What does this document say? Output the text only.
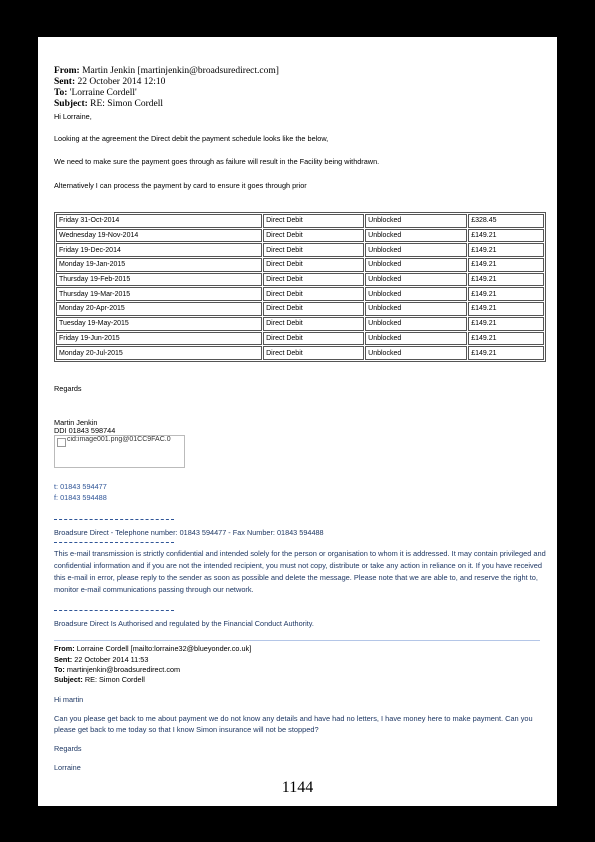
From: Martin Jenkin [martinjenkin@broadsuredirect.com]
Sent: 22 October 2014 12:10
To: 'Lorraine Cordell'
Subject: RE: Simon Cordell
Hi Lorraine,
Looking at the agreement the Direct debit the payment schedule looks like the below,
We need to make sure the payment goes through as failure will result in the Facility being withdrawn.
Alternatively I can process the payment by card to ensure it goes through prior
Friday 31-Oct-2014	Direct Debit	Unblocked	£328.45
Wednesday 19-Nov-2014	Direct Debit	Unblocked	£149.21
Friday 19-Dec-2014	Direct Debit	Unblocked	£149.21
Monday 19-Jan-2015	Direct Debit	Unblocked	£149.21
Thursday 19-Feb-2015	Direct Debit	Unblocked	£149.21
Thursday 19-Mar-2015	Direct Debit	Unblocked	£149.21
Monday 20-Apr-2015	Direct Debit	Unblocked	£149.21
Tuesday 19-May-2015	Direct Debit	Unblocked	£149.21
Friday 19-Jun-2015	Direct Debit	Unblocked	£149.21
Monday 20-Jul-2015	Direct Debit	Unblocked	£149.21
Regards
Martin Jenkin
DDI 01843 598744
cid:image001.png@01CC9FAC.0
t: 01843 594477
f: 01843 594488
Broadsure Direct - Telephone number: 01843 594477 - Fax Number: 01843 594488
This e-mail transmission is strictly confidential and intended solely for the person or organisation to whom it is addressed. It may contain privileged and confidential information and if you are not the intended recipient, you must not copy, distribute or take any action in reliance on it. If you have received this e-mail in error, please reply to the sender as soon as possible and delete the message. Please note that we are able to, and reserve the right to, monitor e-mail communications passing through our network.
Broadsure Direct Is Authorised and regulated by the Financial Conduct Authority.
From: Lorraine Cordell [mailto:lorraine32@blueyonder.co.uk]
Sent: 22 October 2014 11:53
To: martinjenkin@broadsuredirect.com
Subject: RE: Simon Cordell
Hi martin
Can you please get back to me about payment we do not know any details and have had no letters, I have money here to make payment. Can you please get back to me today so that I know Simon insurance will not be stopped?
Regards
Lorraine
1144
